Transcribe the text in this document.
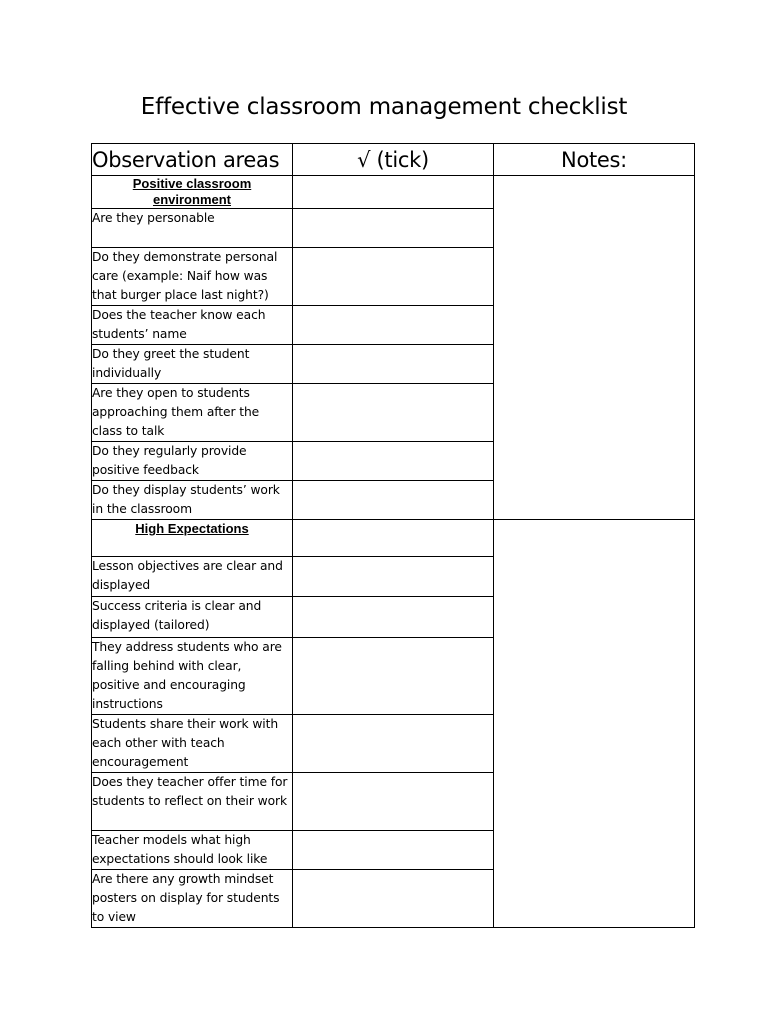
Effective classroom management checklist
Observation areas	√ (tick)	Notes:
Positive classroom environment		
Are they personable		
Do they demonstrate personal care (example: Naif how was that burger place last night?)		
Does the teacher know each students’ name		
Do they greet the student individually		
Are they open to students approaching them after the class to talk		
Do they regularly provide positive feedback		
Do they display students’ work in the classroom		
High Expectations		
Lesson objectives are clear and displayed		
Success criteria is clear and displayed (tailored)		
They address students who are falling behind with clear, positive and encouraging instructions		
Students share their work with each other with teach encouragement		
Does they teacher offer time for students to reflect on their work		
Teacher models what high expectations should look like		
Are there any growth mindset posters on display for students to view		
